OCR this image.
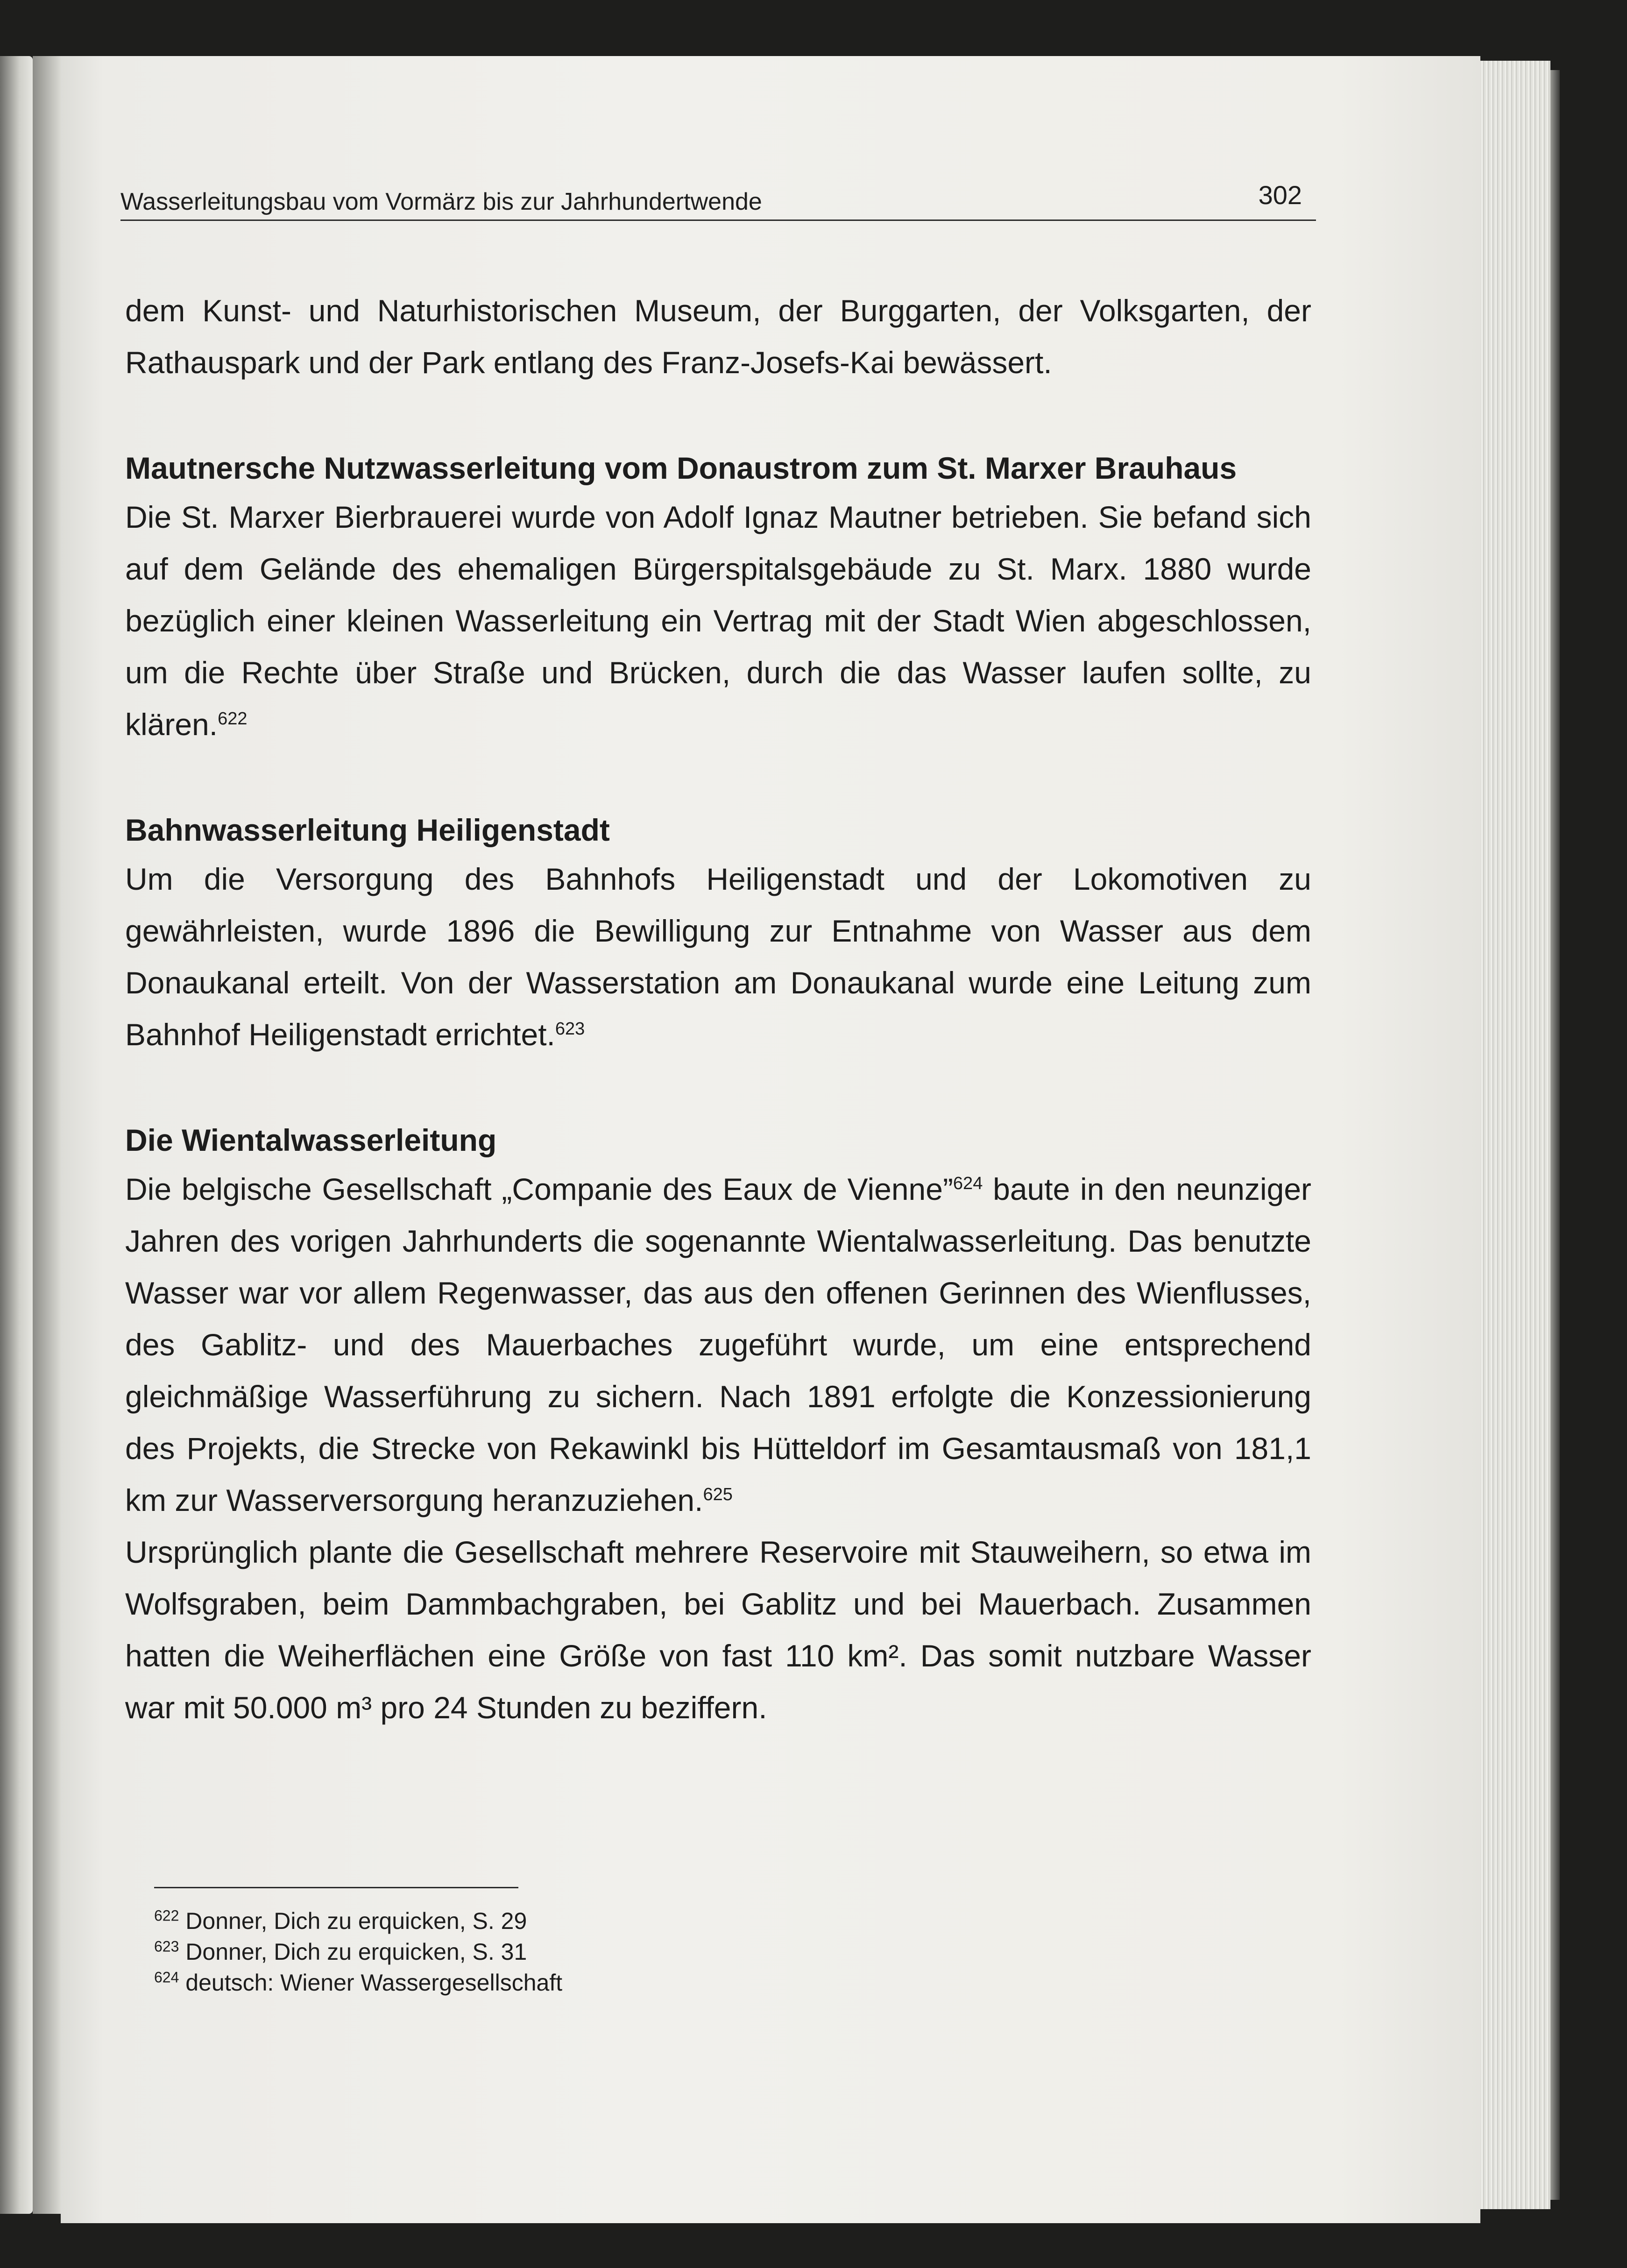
Wasserleitungsbau vom Vormärz bis zur Jahrhundertwende	302

dem Kunst- und Naturhistorischen Museum, der Burggarten, der Volksgarten, der Rathauspark und der Park entlang des Franz-Josefs-Kai bewässert.

Mautnersche Nutzwasserleitung vom Donaustrom zum St. Marxer Brauhaus

Die St. Marxer Bierbrauerei wurde von Adolf Ignaz Mautner betrieben. Sie befand sich auf dem Gelände des ehemaligen Bürgerspitalsgebäude zu St. Marx. 1880 wurde bezüglich einer kleinen Wasserleitung ein Vertrag mit der Stadt Wien abgeschlossen, um die Rechte über Straße und Brücken, durch die das Wasser laufen sollte, zu klären.$^{622}$

Bahnwasserleitung Heiligenstadt

Um die Versorgung des Bahnhofs Heiligenstadt und der Lokomotiven zu gewährleisten, wurde 1896 die Bewilligung zur Entnahme von Wasser aus dem Donaukanal erteilt. Von der Wasserstation am Donaukanal wurde eine Leitung zum Bahnhof Heiligenstadt errichtet.$^{623}$

Die Wientalwasserleitung

Die belgische Gesellschaft „Companie des Eaux de Vienne”$^{624}$ baute in den neunziger Jahren des vorigen Jahrhunderts die sogenannte Wientalwasserleitung. Das benutzte Wasser war vor allem Regenwasser, das aus den offenen Gerinnen des Wienflusses, des Gablitz- und des Mauerbaches zugeführt wurde, um eine entsprechend gleichmäßige Wasserführung zu sichern. Nach 1891 erfolgte die Konzessionierung des Projekts, die Strecke von Rekawinkl bis Hütteldorf im Gesamtausmaß von 181,1 km zur Wasserversorgung heranzuziehen.$^{625}$

Ursprünglich plante die Gesellschaft mehrere Reservoire mit Stauweihern, so etwa im Wolfsgraben, beim Dammbachgraben, bei Gablitz und bei Mauerbach. Zusammen hatten die Weiherflächen eine Größe von fast 110 km². Das somit nutzbare Wasser war mit 50.000 m³ pro 24 Stunden zu beziffern.

$^{622}$ Donner, Dich zu erquicken, S. 29

$^{623}$ Donner, Dich zu erquicken, S. 31

$^{624}$ deutsch: Wiener Wassergesellschaft
